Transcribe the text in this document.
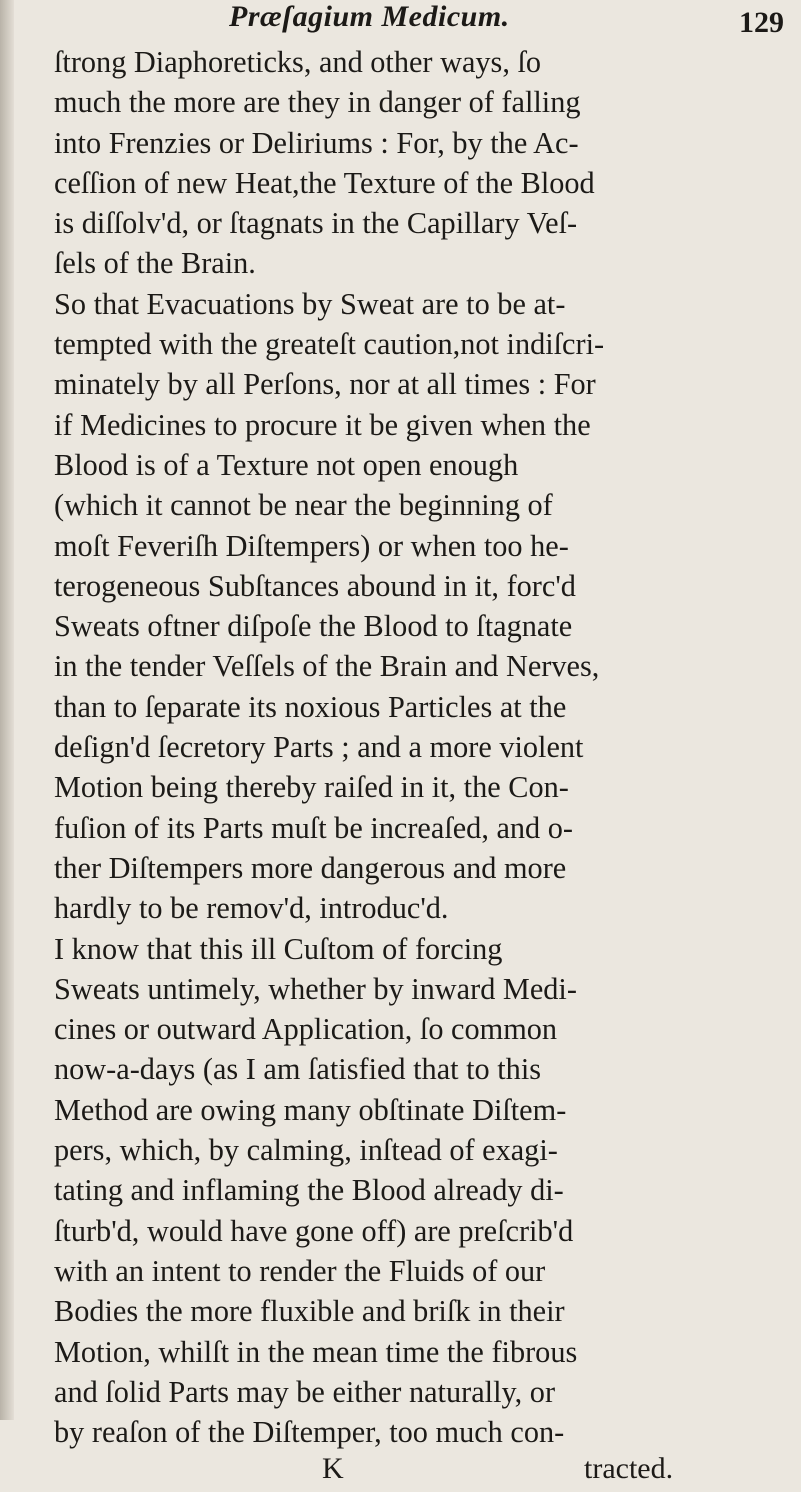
Præſagium Medicum.	129
ſtrong Diaphoreticks, and other ways, ſo
much the more are they in danger of falling
into Frenzies or Deliriums : For, by the Ac-
ceſſion of new Heat,the Texture of the Blood
is diſſolv'd, or ſtagnats in the Capillary Veſ-
ſels of the Brain.
So that Evacuations by Sweat are to be at-
tempted with the greateſt caution,not indiſcri-
minately by all Perſons, nor at all times : For
if Medicines to procure it be given when the
Blood is of a Texture not open enough
(which it cannot be near the beginning of
moſt Feveriſh Diſtempers) or when too he-
terogeneous Subſtances abound in it, forc'd
Sweats oftner diſpoſe the Blood to ſtagnate
in the tender Veſſels of the Brain and Nerves,
than to ſeparate its noxious Particles at the
deſign'd ſecretory Parts ; and a more violent
Motion being thereby raiſed in it, the Con-
fuſion of its Parts muſt be increaſed, and o-
ther Diſtempers more dangerous and more
hardly to be remov'd, introduc'd.
I know that this ill Cuſtom of forcing
Sweats untimely, whether by inward Medi-
cines or outward Application, ſo common
now-a-days (as I am ſatisfied that to this
Method are owing many obſtinate Diſtem-
pers, which, by calming, inſtead of exagi-
tating and inflaming the Blood already di-
ſturb'd, would have gone off) are preſcrib'd
with an intent to render the Fluids of our
Bodies the more fluxible and briſk in their
Motion, whilſt in the mean time the fibrous
and ſolid Parts may be either naturally, or
by reaſon of the Diſtemper, too much con-
K	tracted.
